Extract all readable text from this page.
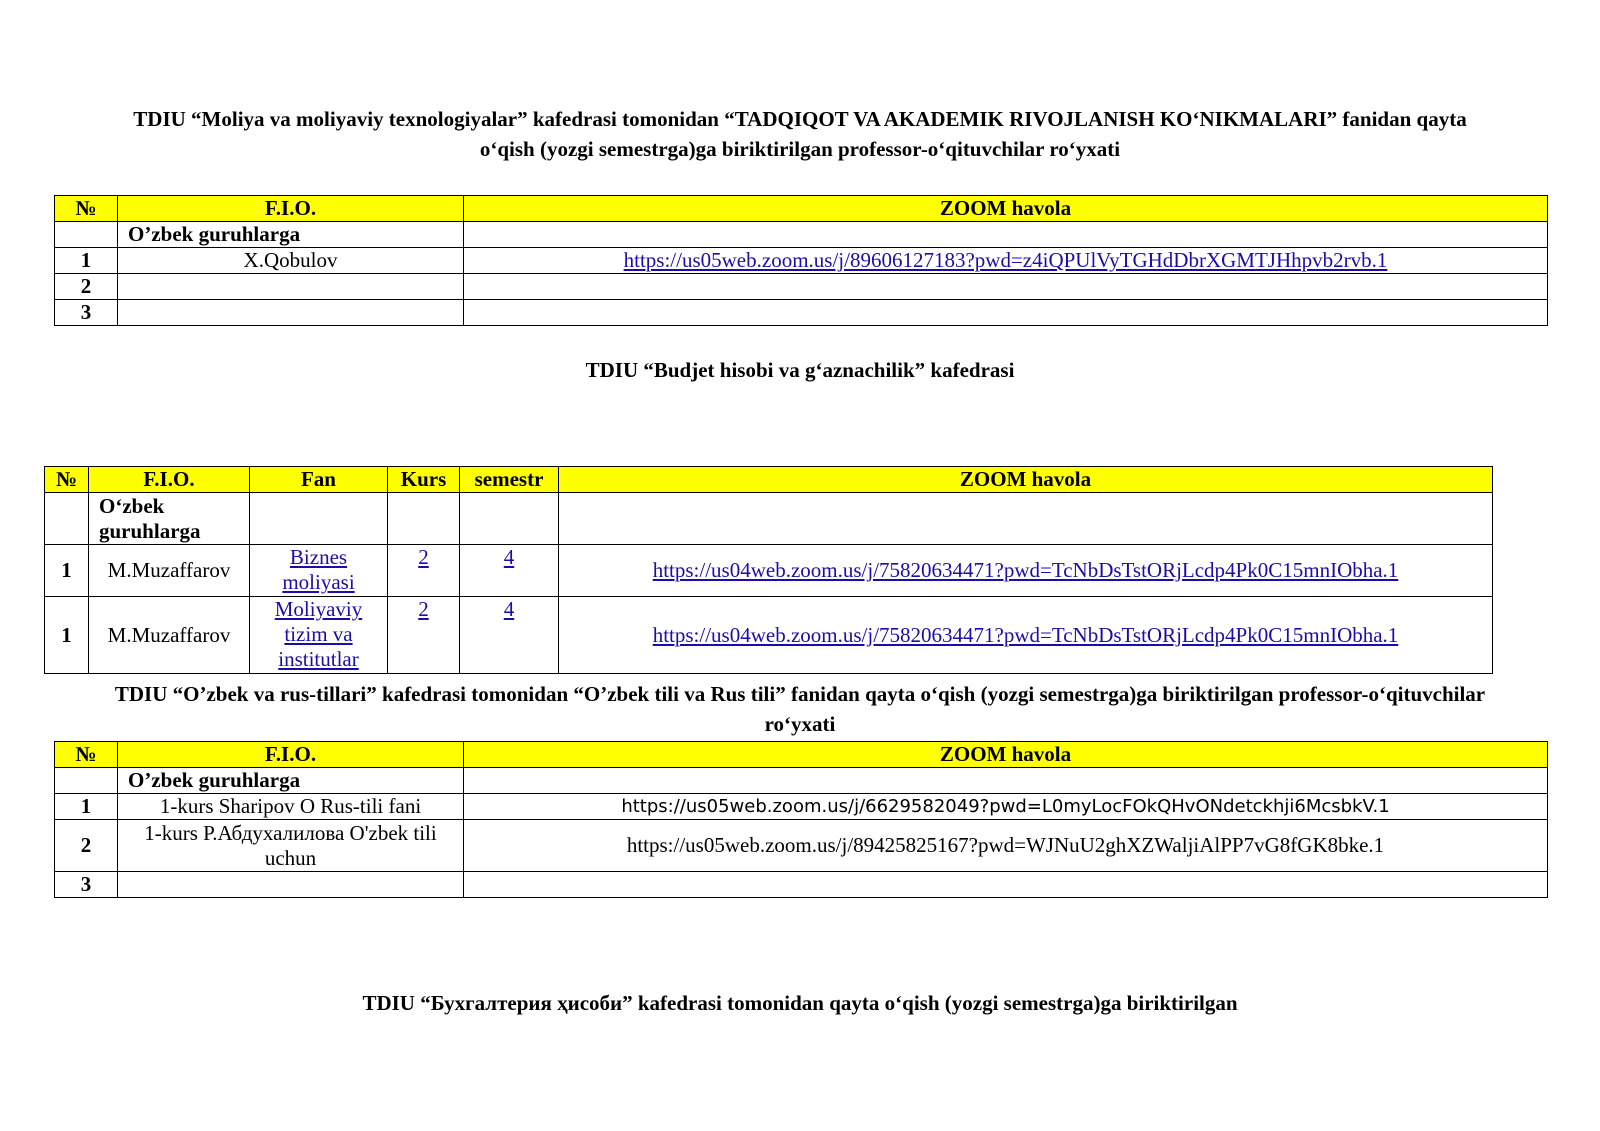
TDIU “Moliya va moliyaviy texnologiyalar” kafedrasi tomonidan “TADQIQOT VA AKADEMIK RIVOJLANISH KO‘NIKMALARI” fanidan qayta
o‘qish (yozgi semestrga)ga biriktirilgan professor-o‘qituvchilar ro‘yxati
№	F.I.O.	ZOOM havola
	O’zbek guruhlarga	
1	X.Qobulov	https://us05web.zoom.us/j/89606127183?pwd=z4iQPUlVyTGHdDbrXGMTJHhpvb2rvb.1
2		
3		
TDIU “Budjet hisobi va g‘aznachilik” kafedrasi
№	F.I.O.	Fan	Kurs	semestr	ZOOM havola
	O‘zbek guruhlarga				
1	M.Muzaffarov	Biznes moliyasi	2	4	https://us04web.zoom.us/j/75820634471?pwd=TcNbDsTstORjLcdp4Pk0C15mnIObha.1
1	M.Muzaffarov	Moliyaviy tizim va institutlar	2	4	https://us04web.zoom.us/j/75820634471?pwd=TcNbDsTstORjLcdp4Pk0C15mnIObha.1
TDIU “O’zbek va rus-tillari” kafedrasi tomonidan “O’zbek tili va Rus tili” fanidan qayta o‘qish (yozgi semestrga)ga biriktirilgan professor-o‘qituvchilar
ro‘yxati
№	F.I.O.	ZOOM havola
	O’zbek guruhlarga	
1	1-kurs Sharipov O Rus-tili fani	https://us05web.zoom.us/j/6629582049?pwd=L0myLocFOkQHvONdetckhji6McsbkV.1
2	1-kurs Р.Абдухалилова O'zbek tili uchun	https://us05web.zoom.us/j/89425825167?pwd=WJNuU2ghXZWaljiAlPP7vG8fGK8bke.1
3		
TDIU “Бухгалтерия ҳисоби” kafedrasi tomonidan qayta o‘qish (yozgi semestrga)ga biriktirilgan
